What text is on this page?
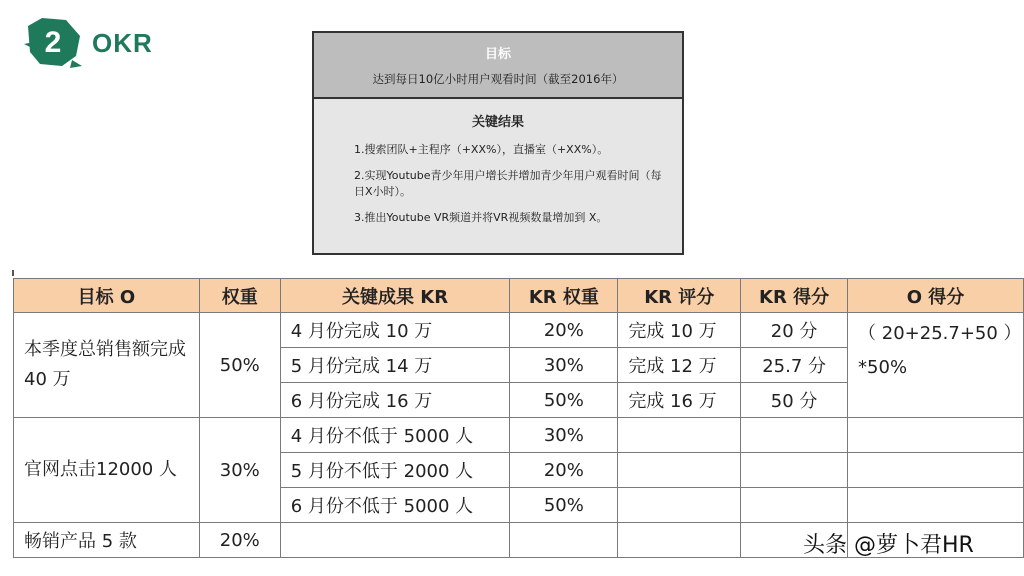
2 OKR	目标
达到每日10亿小时用户观看时间（截至2016年）
关键结果
1.搜索团队+主程序（+XX%），直播室（+XX%）。
2.实现Youtube青少年用户增长并增加青少年用户观看时间（每日X小时）。
3.推出Youtube VR频道并将VR视频数量增加到 X。
目标 O	权重	关键成果 KR	KR 权重	KR 评分	KR 得分	O 得分
本季度总销售额完成 40 万	50%	4 月份完成 10 万	20%	完成 10 万	20 分	（ 20+25.7+50 ）*50%
		5 月份完成 14 万	30%	完成 12 万	25.7 分	
		6 月份完成 16 万	50%	完成 16 万	50 分	
官网点击12000 人	30%	4 月份不低于 5000 人	30%			
		5 月份不低于 2000 人	20%			
		6 月份不低于 5000 人	50%			
畅销产品 5 款	20%						头条 @萝卜君HR
